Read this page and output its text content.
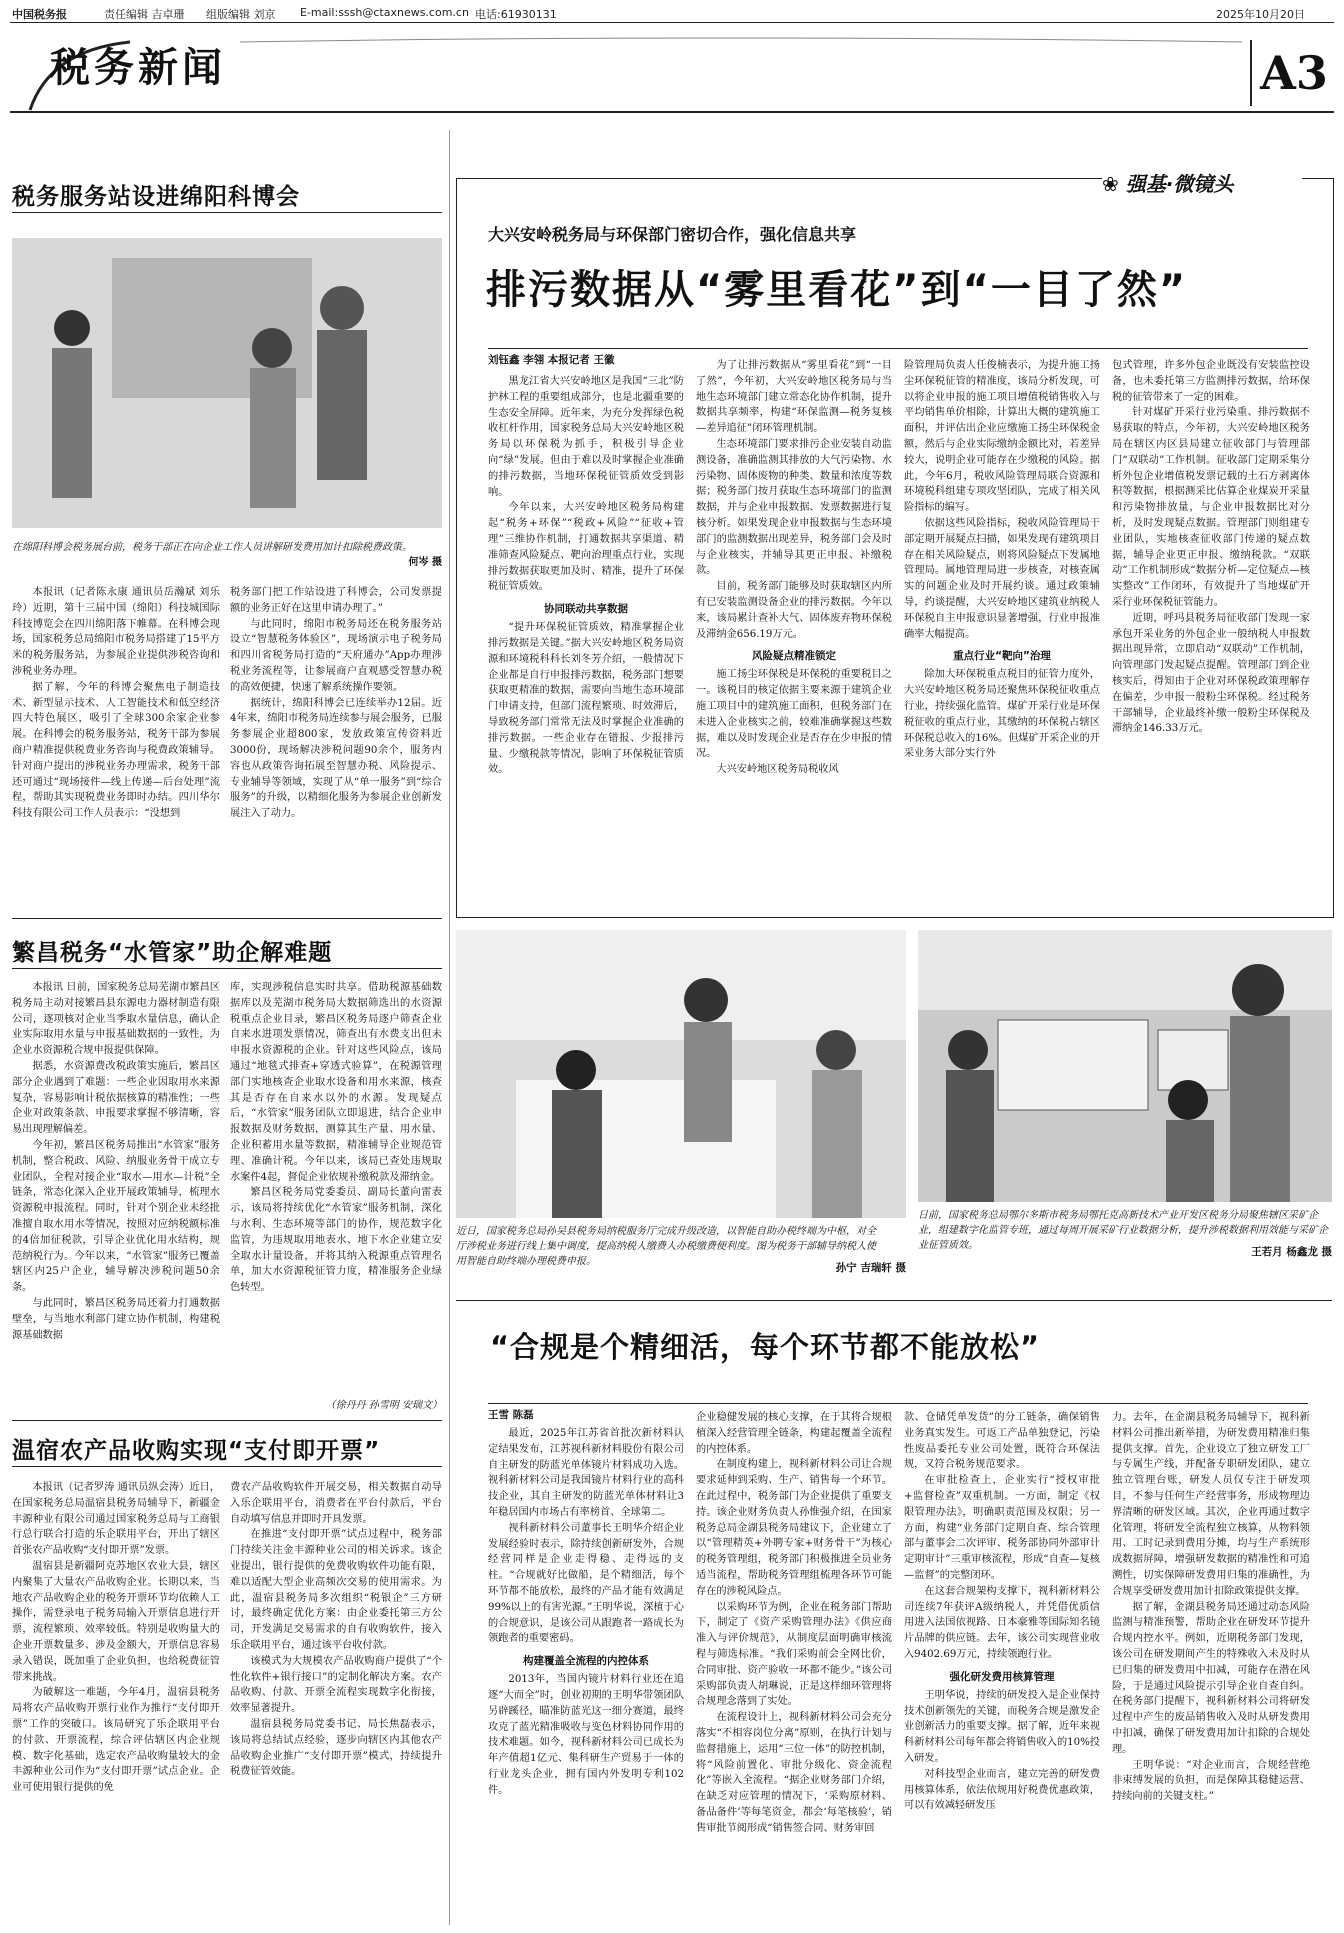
中国税务报	责任编辑 吉卓珊 组版编辑 刘京 E-mail:sssh@ctaxnews.com.cn 电话:61930131	2025年10月20日
税务新闻	A3
税务服务站设进绵阳科博会
在绵阳科博会税务展台前，税务干部正在向企业工作人员讲解研发费用加计扣除税费政策。
何岑 摄

本报讯（记者陈永康 通讯员岳瀚斌 刘乐玲）近期，第十三届中国（绵阳）科技城国际科技博览会在四川绵阳落下帷幕。在科博会现场，国家税务总局绵阳市税务局搭建了15平方米的税务服务站，为参展企业提供涉税咨询和涉税业务办理。

据了解，今年的科博会聚焦电子制造技术、新型显示技术、人工智能技术和低空经济四大特色展区，吸引了全球300余家企业参展。在科博会的税务服务站，税务干部为参展商户精准提供税费业务咨询与税费政策辅导。针对商户提出的涉税业务办理需求，税务干部还可通过“现场接件—线上传递—后台处理”流程，帮助其实现税费业务即时办结。四川华尔科技有限公司工作人员表示：“没想到

税务部门把工作站设进了科博会，公司发票提额的业务正好在这里申请办理了。”

与此同时，绵阳市税务局还在税务服务站设立“智慧税务体验区”，现场演示电子税务局和四川省税务局打造的“天府通办”App办理涉税业务流程等，让参展商户直观感受智慧办税的高效便捷，快速了解系统操作要领。

据统计，绵阳科博会已连续举办12届。近4年来，绵阳市税务局连续参与展会服务，已服务参展企业超800家，发放政策宣传资料近3000份，现场解决涉税问题90余个，服务内容也从政策咨询拓展至智慧办税、风险提示、专业辅导等领域，实现了从“单一服务”到“综合服务”的升级，以精细化服务为参展企业创新发展注入了动力。

❀ 强基·微镜头
大兴安岭税务局与环保部门密切合作，强化信息共享
排污数据从“雾里看花”到“一目了然”
刘钰鑫 李翎 本报记者 王徽

黑龙江省大兴安岭地区是我国“三北”防护林工程的重要组成部分，也是北疆重要的生态安全屏障。近年来，为充分发挥绿色税收杠杆作用，国家税务总局大兴安岭地区税务局以环保税为抓手，积极引导企业向“绿”发展。但由于难以及时掌握企业准确的排污数据，当地环保税征管质效受到影响。

今年以来，大兴安岭地区税务局构建起“税务+环保”“税政+风险”“征收+管理”三维协作机制，打通数据共享渠道、精准筛查风险疑点、靶向治理重点行业，实现排污数据获取更加及时、精准，提升了环保税征管质效。

协同联动共享数据

“提升环保税征管质效，精准掌握企业排污数据是关键。”据大兴安岭地区税务局资源和环境税科科长刘冬芳介绍，一般情况下企业都是自行申报排污数据，税务部门想要获取更精准的数据，需要向当地生态环境部门申请支持，但部门流程繁琐、时效滞后，导致税务部门常常无法及时掌握企业准确的排污数据。一些企业存在错报、少报排污量、少缴税款等情况，影响了环保税征管质效。

为了让排污数据从“雾里看花”到“一目了然”，今年初，大兴安岭地区税务局与当地生态环境部门建立常态化协作机制，提升数据共享频率，构建“环保监测—税务复核—差异追征”闭环管理机制。

生态环境部门要求排污企业安装自动监测设备，准确监测其排放的大气污染物、水污染物、固体废物的种类、数量和浓度等数据；税务部门按月获取生态环境部门的监测数据，并与企业申报数据、发票数据进行复核分析。如果发现企业申报数据与生态环境部门的监测数据出现差异，税务部门会及时与企业核实，并辅导其更正申报、补缴税款。

目前，税务部门能够及时获取辖区内所有已安装监测设备企业的排污数据。今年以来，该局累计查补大气、固体废弃物环保税及滞纳金656.19万元。

风险疑点精准锁定

施工扬尘环保税是环保税的重要税目之一。该税目的核定依据主要来源于建筑企业施工项目中的建筑施工面积，但税务部门在未进入企业核实之前，较难准确掌握这些数据，难以及时发现企业是否存在少申报的情况。

大兴安岭地区税务局税收风

险管理局负责人任俊楠表示，为提升施工扬尘环保税征管的精准度，该局分析发现，可以将企业申报的施工项目增值税销售收入与平均销售单价相除，计算出大概的建筑施工面积，并评估出企业应缴施工扬尘环保税金额，然后与企业实际缴纳金额比对，若差异较大，说明企业可能存在少缴税的风险。据此，今年6月，税收风险管理局联合资源和环境税科组建专项攻坚团队，完成了相关风险指标的编写。

依据这些风险指标，税收风险管理局干部定期开展疑点扫描，如果发现有建筑项目存在相关风险疑点，则将风险疑点下发属地管理局。属地管理局进一步核查，对核查属实的问题企业及时开展约谈。通过政策辅导，约谈提醒，大兴安岭地区建筑业纳税人环保税自主申报意识显著增强，行业申报准确率大幅提高。

重点行业“靶向”治理

除加大环保税重点税目的征管力度外，大兴安岭地区税务局还聚焦环保税征收重点行业，持续强化监管。煤矿开采行业是环保税征收的重点行业，其缴纳的环保税占辖区环保税总收入的16%。但煤矿开采企业的开采业务大部分实行外

包式管理，许多外包企业既没有安装监控设备，也未委托第三方监测排污数据，给环保税的征管带来了一定的困难。

针对煤矿开采行业污染重、排污数据不易获取的特点，今年初，大兴安岭地区税务局在辖区内区县局建立征收部门与管理部门“双联动”工作机制。征收部门定期采集分析外包企业增值税发票记载的土石方剥离体积等数据，根据测采比估算企业煤炭开采量和污染物排放量，与企业申报数据比对分析，及时发现疑点数据。管理部门则组建专业团队，实地核查征收部门传递的疑点数据，辅导企业更正申报、缴纳税款。“双联动”工作机制形成“数据分析—定位疑点—核实整改”工作闭环，有效提升了当地煤矿开采行业环保税征管能力。

近期，呼玛县税务局征收部门发现一家承包开采业务的外包企业一般纳税人申报数据出现异常，立即启动“双联动”工作机制，向管理部门发起疑点提醒。管理部门到企业核实后，得知由于企业对环保税政策理解存在偏差，少申报一般粉尘环保税。经过税务干部辅导，企业最终补缴一般粉尘环保税及滞纳金146.33万元。

繁昌税务“水管家”助企解难题

本报讯 日前，国家税务总局芜湖市繁昌区税务局主动对接繁昌县东源电力器材制造有限公司，逐项核对企业当季取水量信息，确认企业实际取用水量与申报基础数据的一致性，为企业水资源税合规申报提供保障。

据悉，水资源费改税政策实施后，繁昌区部分企业遇到了难题：一些企业因取用水来源复杂，容易影响计税依据核算的精准性；一些企业对政策条款、申报要求掌握不够清晰，容易出现理解偏差。

今年初，繁昌区税务局推出“水管家”服务机制，整合税政、风险、纳服业务骨干成立专业团队，全程对接企业“取水—用水—计税”全链条，常态化深入企业开展政策辅导，梳理水资源税申报流程。同时，针对个别企业未经批准擅自取水用水等情况，按照对应纳税额标准的4倍加征税款，引导企业优化用水结构，规范纳税行为。今年以来，“水管家”服务已覆盖辖区内25户企业，辅导解决涉税问题50余条。

与此同时，繁昌区税务局还着力打通数据壁垒，与当地水利部门建立协作机制，构建税源基础数据

库，实现涉税信息实时共享。借助税源基础数据库以及芜湖市税务局大数据筛选出的水资源税重点企业目录，繁昌区税务局逐户筛查企业自来水进项发票情况，筛查出有水费支出但未申报水资源税的企业。针对这些风险点，该局通过“地毯式排查+穿透式验算”，在税源管理部门实地核查企业取水设备和用水来源，核查其是否存在自来水以外的水源。发现疑点后，“水管家”服务团队立即退进，结合企业申报数据及财务数据，测算其生产量、用水量、企业积蓄用水量等数据，精准辅导企业规范管理、准确计税。今年以来，该局已查处违规取水案件4起，督促企业依规补缴税款及滞纳金。

繁昌区税务局党委委员、副局长董向雷表示，该局将持续优化“水管家”服务机制，深化与水利、生态环境等部门的协作，规范数字化监管，为违规取用地表水、地下水企业建立安全取水计量设备，并将其纳入税源重点管理名单，加大水资源税征管力度，精准服务企业绿色转型。

（徐丹丹 孙雪明 安瑞文）
近日，国家税务总局孙吴县税务局纳税服务厅完成升级改造，以智能自助办税终端为中枢，对全厅涉税业务进行线上集中调度，提高纳税人缴费人办税缴费便利度。图为税务干部辅导纳税人使用智能自助终端办理税费申报。
孙宁 吉瑞轩 摄
日前，国家税务总局鄂尔多斯市税务局鄂托克高新技术产业开发区税务分局聚焦辖区采矿企业，组建数字化监管专班，通过每周开展采矿行业数据分析，提升涉税数据利用效能与采矿企业征管质效。
王若月 杨鑫龙 摄
温宿农产品收购实现“支付即开票”

本报讯（记者罗涛 通讯员纵会涛）近日，在国家税务总局温宿县税务局辅导下，新疆金丰源种业有限公司通过国家税务总局与工商银行总行联合打造的乐企联用平台，开出了辖区首张农产品收购“支付即开票”发票。

温宿县是新疆阿克苏地区农业大县，辖区内聚集了大量农产品收购企业。长期以来，当地农产品收购企业的税务开票环节均依赖人工操作，需登录电子税务局输入开票信息进行开票，流程繁琐、效率较低。特别是收购量大的企业开票数量多、涉及金额大，开票信息容易录入错误，既加重了企业负担，也给税费征管带来挑战。

为破解这一难题，今年4月，温宿县税务局将农产品收购开票行业作为推行“支付即开票”工作的突破口。该局研究了乐企联用平台的付款、开票流程，综合评估辖区内企业规模、数字化基础，选定农产品收购量较大的金丰源种业公司作为“支付即开票”试点企业。企业可使用银行提供的免

费农产品收购软件开展交易，相关数据自动导入乐企联用平台，消费者在平台付款后，平台自动填写信息并即时开具发票。

在推进“支付即开票”试点过程中，税务部门持续关注金丰源种业公司的相关诉求。该企业提出，银行提供的免费收购软件功能有限，难以适配大型企业高频次交易的使用需求。为此，温宿县税务局多次组织“税银企”三方研讨，最终确定优化方案：由企业委托第三方公司，开发满足交易需求的自有收购软件，接入乐企联用平台，通过该平台收付款。

该模式为大规模农产品收购商户提供了“个性化软件+银行接口”的定制化解决方案。农产品收购、付款、开票全流程实现数字化衔接，效率显著提升。

温宿县税务局党委书记、局长焦磊表示，该局将总结试点经验，逐步向辖区内其他农产品收购企业推广“支付即开票”模式，持续提升税费征管效能。

“合规是个精细活，每个环节都不能放松”
王雪 陈磊

最近，2025年江苏省首批次新材料认定结果发布，江苏视科新材料股份有限公司自主研发的防蓝光单体镜片材料成功入选。视科新材料公司是我国镜片材料行业的高科技企业，其自主研发的防蓝光单体材料让3年稳居国内市场占有率榜首、全球第二。

视科新材料公司董事长王明华介绍企业发展经验时表示，除持续创新研发外，合规经营同样是企业走得稳、走得远的支柱。“合规就好比做船，是个精细活，每个环节都不能放松，最终的产品才能有效满足99%以上的有害光源。”王明华说，深植于心的合规意识，是该公司从跟跑者一路成长为领跑者的重要密码。

构建覆盖全流程的内控体系

2013年，当国内镜片材料行业还在追逐“大而全”时，创业初期的王明华带领团队另辟蹊径，瞄准防蓝光这一细分赛道，最终攻克了蓝光精准吸收与变色材料协同作用的技术难题。如今，视科新材料公司已成长为年产值超1亿元、集科研生产贸易于一体的行业龙头企业，拥有国内外发明专利102件。

企业稳健发展的核心支撑，在于其将合规根植深入经营管理全链条，构建起覆盖全流程的内控体系。

在制度构建上，视科新材料公司让合规要求延伸到采购、生产、销售每一个环节。在此过程中，税务部门为企业提供了重要支持。该企业财务负责人孙惟强介绍，在国家税务总局金湖县税务局建议下，企业建立了以“管理精英+外聘专家+财务骨干”为核心的税务管理组，税务部门积极推进全员业务适当流程，帮助税务管理组梳理各环节可能存在的涉税风险点。

以采购环节为例，企业在税务部门帮助下，制定了《资产采购管理办法》《供应商准入与评价规范》，从制度层面明确审核流程与筛选标准。“我们采购前会全网比价，合同审批、资产验收一环都不能少。”该公司采购部负责人胡琳说，正是这样细环管理将合规理念落到了实处。

在流程设计上，视科新材料公司会充分落实“不相容岗位分离”原则，在执行计划与监督措施上，运用“三位一体”的防控机制，将“风险前置化、审批分级化、资金流程化”等嵌入全流程。“据企业财务部门介绍，在缺乏对应管理的情况下，‘采购原材料、备品备件’等每笔资金，都会‘每笔核验’，销售审批节阅形成“销售签合同、财务审回

款、仓储凭单发货”的分工链条，确保销售业务真实发生。可返工产品单独登记，污染性废品委托专业公司处置，既符合环保法规，又符合税务规范要求。

在审批检查上，企业实行“授权审批+监督检查”双重机制。一方面，制定《权限管理办法》，明确职责范围及权限；另一方面，构建“业务部门定期自查、综合管理部与董事会二次评审、税务部协同外部审计定期审计”三重审核流程，形成“自查—复核—监督”的完整闭环。

在这套合规架构支撑下，视科新材料公司连续7年获评A级纳税人，并凭借优质信用进入法国依视路、日本豪雅等国际知名镜片品牌的供应链。去年，该公司实现营业收入9402.69万元，持续领跑行业。

强化研发费用核算管理

王明华说，持续的研发投入是企业保持技术创新领先的关键，而税务合规是激发企业创新活力的重要支撑。据了解，近年来视科新材料公司每年都会将销售收入的10%投入研发。

对科技型企业而言，建立完善的研发费用核算体系，依法依规用好税费优惠政策，可以有效减轻研发压

力。去年，在金湖县税务局辅导下，视科新材料公司推出新举措，为研发费用精准归集提供支撑。首先，企业设立了独立研发工厂与专属生产线，并配备专职研发团队，建立独立管理台账，研发人员仅专注于研发项目，不参与任何生产经营事务，形成物理边界清晰的研发区域。其次，企业再通过数字化管理，将研发全流程独立核算，从物料领用、工时记录到费用分摊，均与生产系统形成数据屏障，增强研发数据的精准性和可追溯性，切实保障研发费用归集的准确性，为合规享受研发费用加计扣除政策提供支撑。

据了解，金湖县税务局还通过动态风险监测与精准预警，帮助企业在研发环节提升合规内控水平。例如，近期税务部门发现，该公司在研发期间产生的特殊收入未及时从已归集的研发费用中扣减，可能存在潜在风险，于是通过风险提示引导企业自查自纠。在税务部门提醒下，视科新材料公司将研发过程中产生的废品销售收入及时从研发费用中扣减，确保了研发费用加计扣除的合规处理。

王明华说：“对企业而言，合规经营绝非束缚发展的负担，而是保障其稳健运营、持续向前的关键支柱。”
